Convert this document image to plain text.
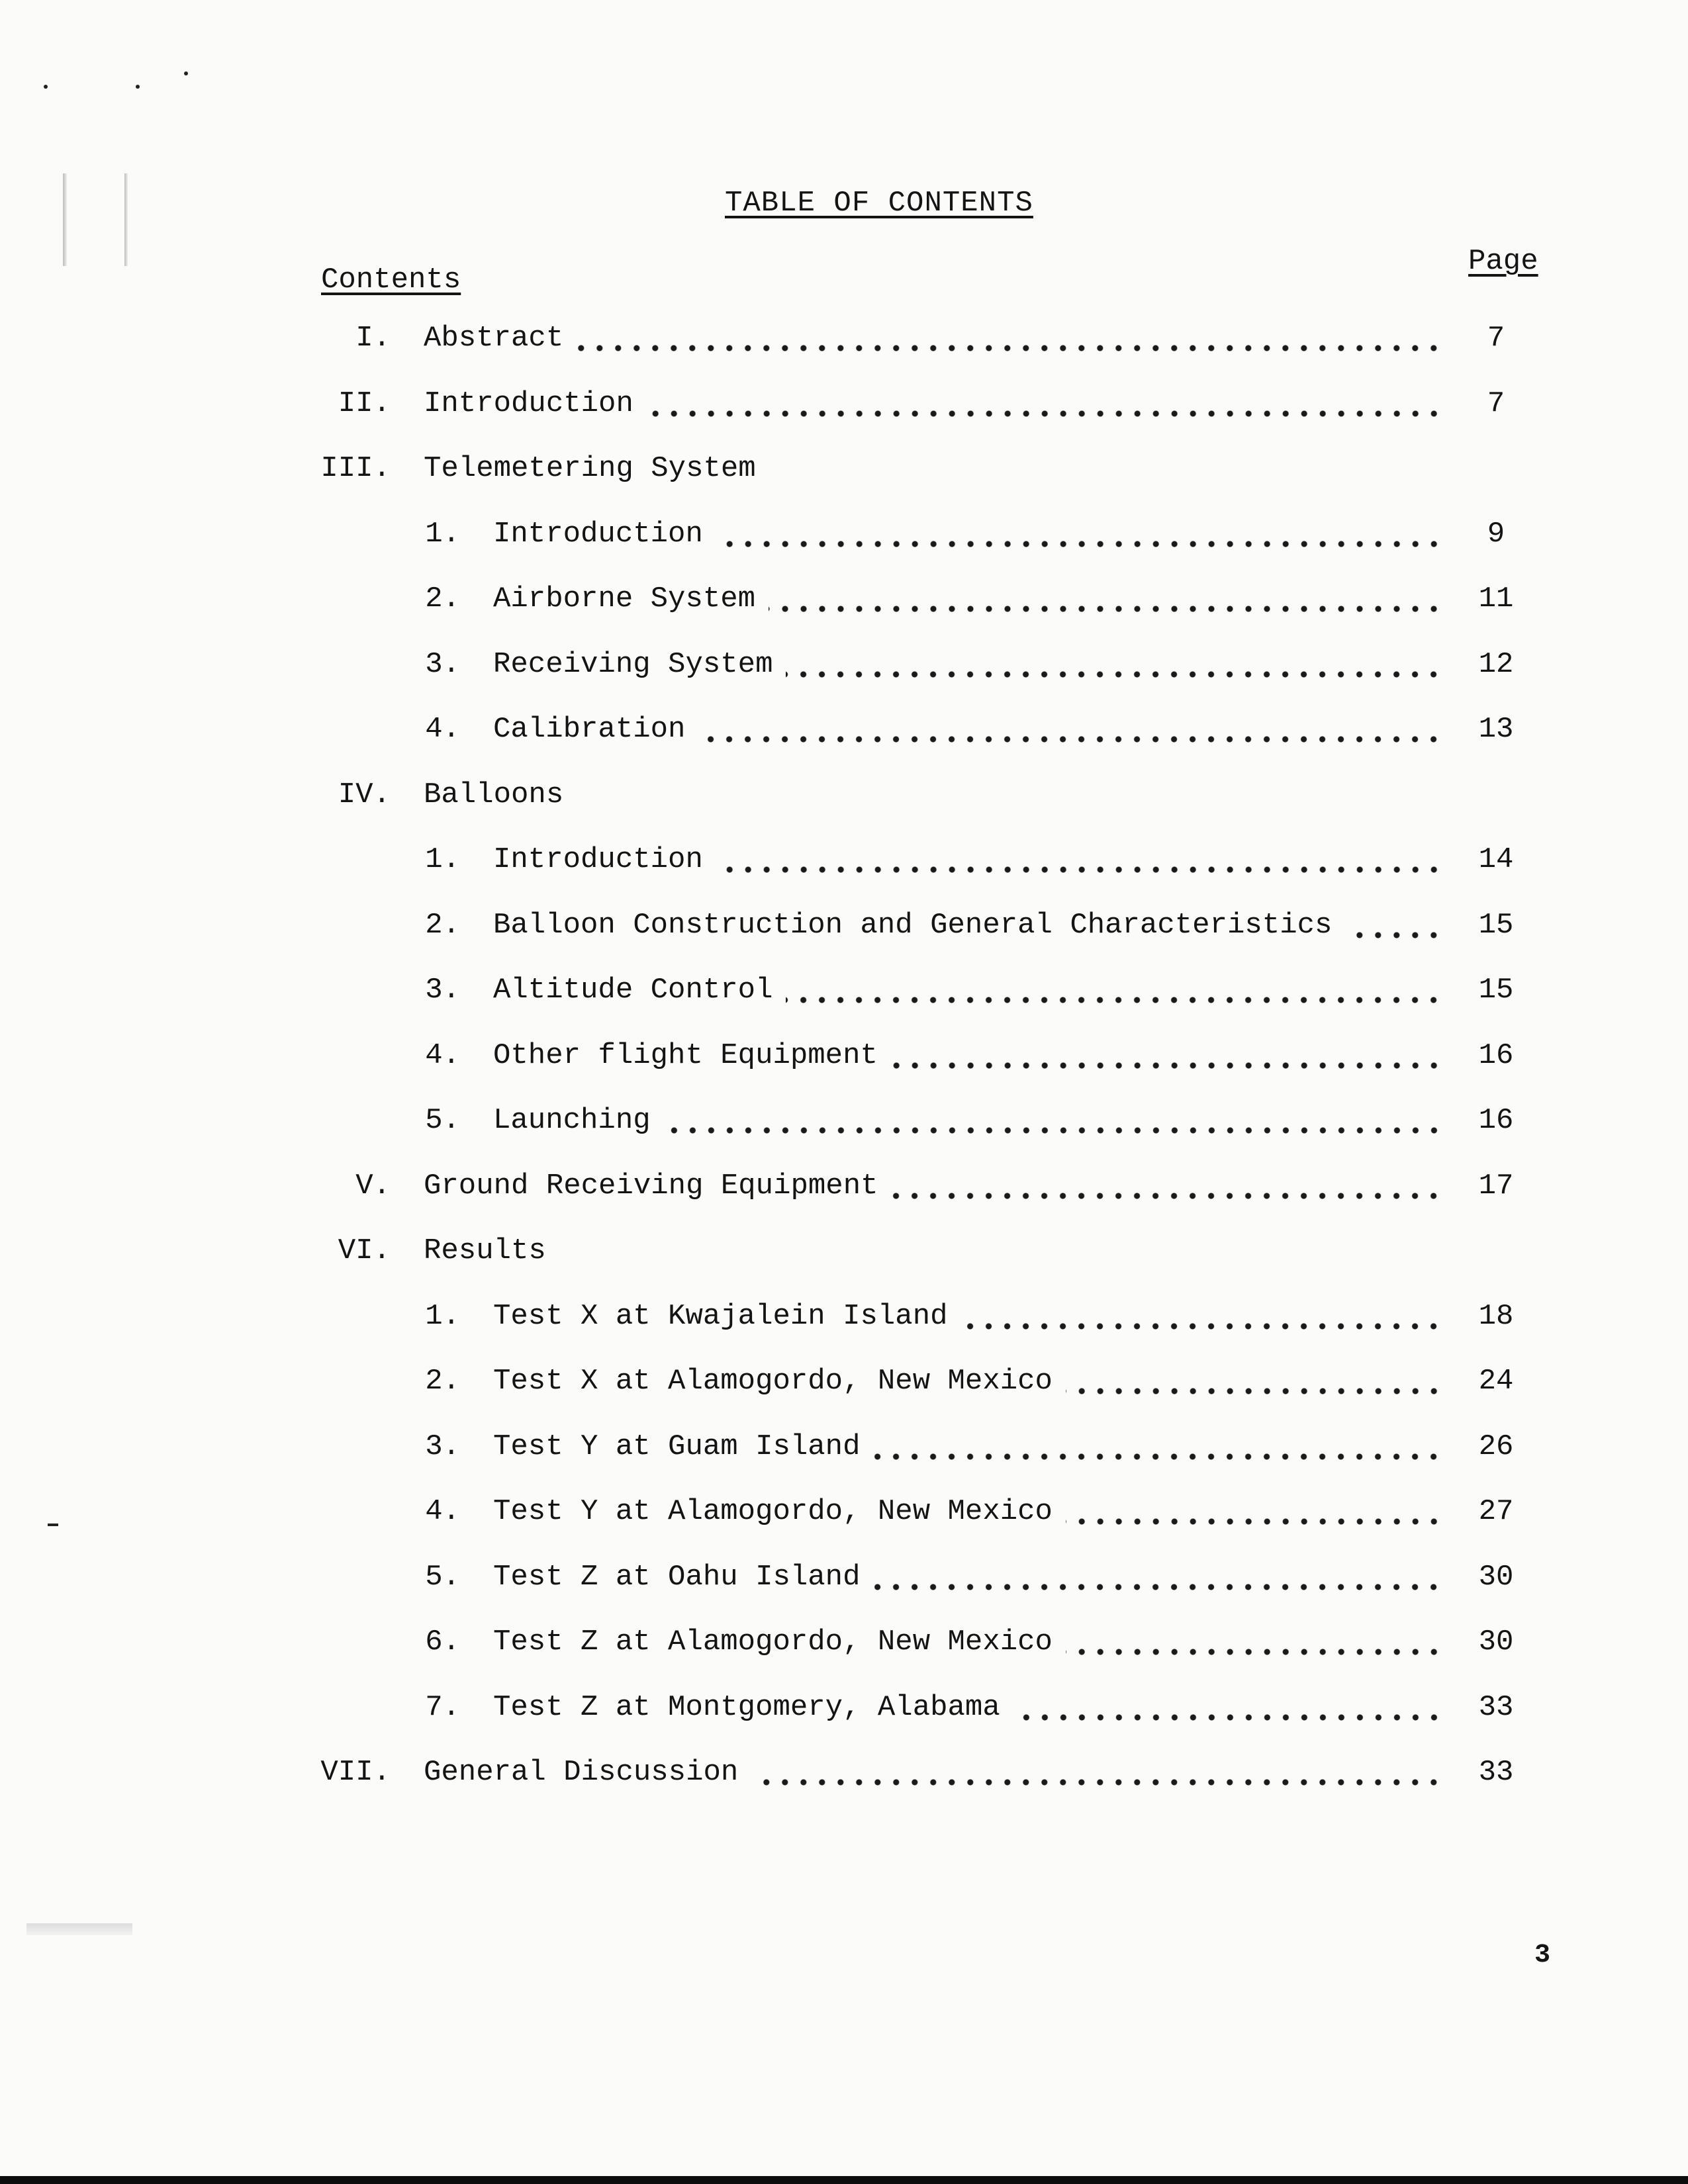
TABLE OF CONTENTS
Contents
Page
I. Abstract	7
II. Introduction	7
III. Telemetering System
1. Introduction	9
2. Airborne System	11
3. Receiving System	12
4. Calibration	13
IV. Balloons
1. Introduction	14
2. Balloon Construction and General Characteristics	15
3. Altitude Control	15
4. Other flight Equipment	16
5. Launching	16
V. Ground Receiving Equipment	17
VI. Results
1. Test X at Kwajalein Island	18
2. Test X at Alamogordo, New Mexico	24
3. Test Y at Guam Island	26
4. Test Y at Alamogordo, New Mexico	27
5. Test Z at Oahu Island	30
6. Test Z at Alamogordo, New Mexico	30
7. Test Z at Montgomery, Alabama	33
VII. General Discussion	33
3
